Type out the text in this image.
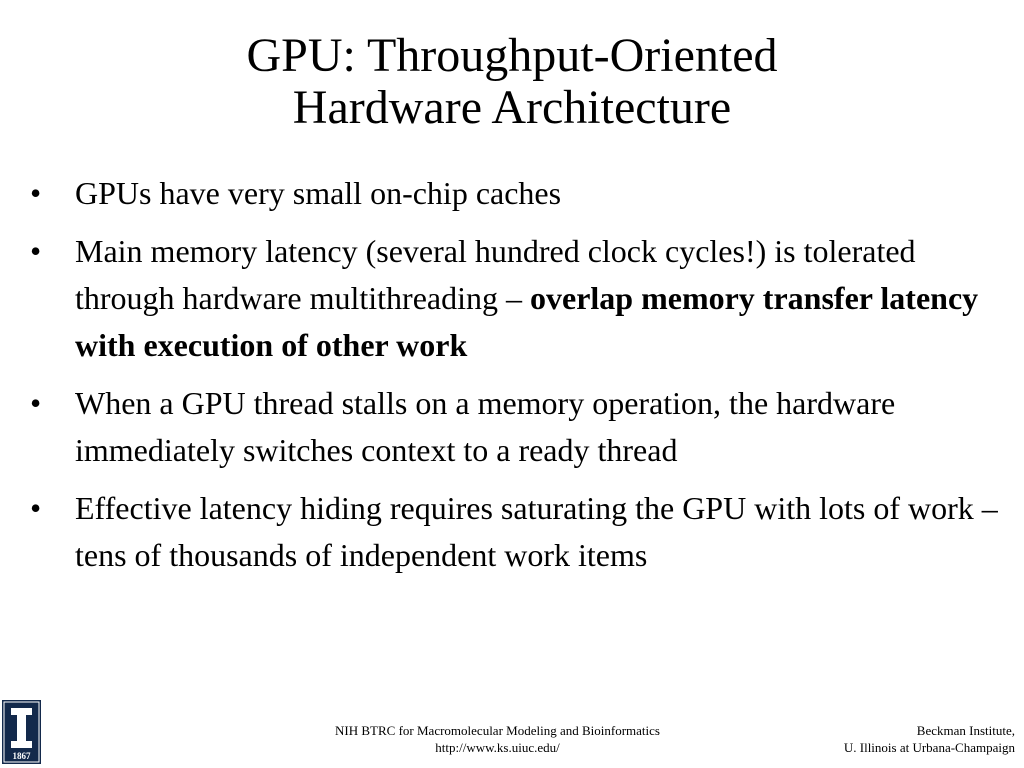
GPU: Throughput-Oriented
Hardware Architecture
• GPUs have very small on-chip caches
• Main memory latency (several hundred clock cycles!) is tolerated through hardware multithreading – overlap memory transfer latency with execution of other work
• When a GPU thread stalls on a memory operation, the hardware immediately switches context to a ready thread
• Effective latency hiding requires saturating the GPU with lots of work – tens of thousands of independent work items
1867
NIH BTRC for Macromolecular Modeling and Bioinformatics
http://www.ks.uiuc.edu/
Beckman Institute,
U. Illinois at Urbana-Champaign
